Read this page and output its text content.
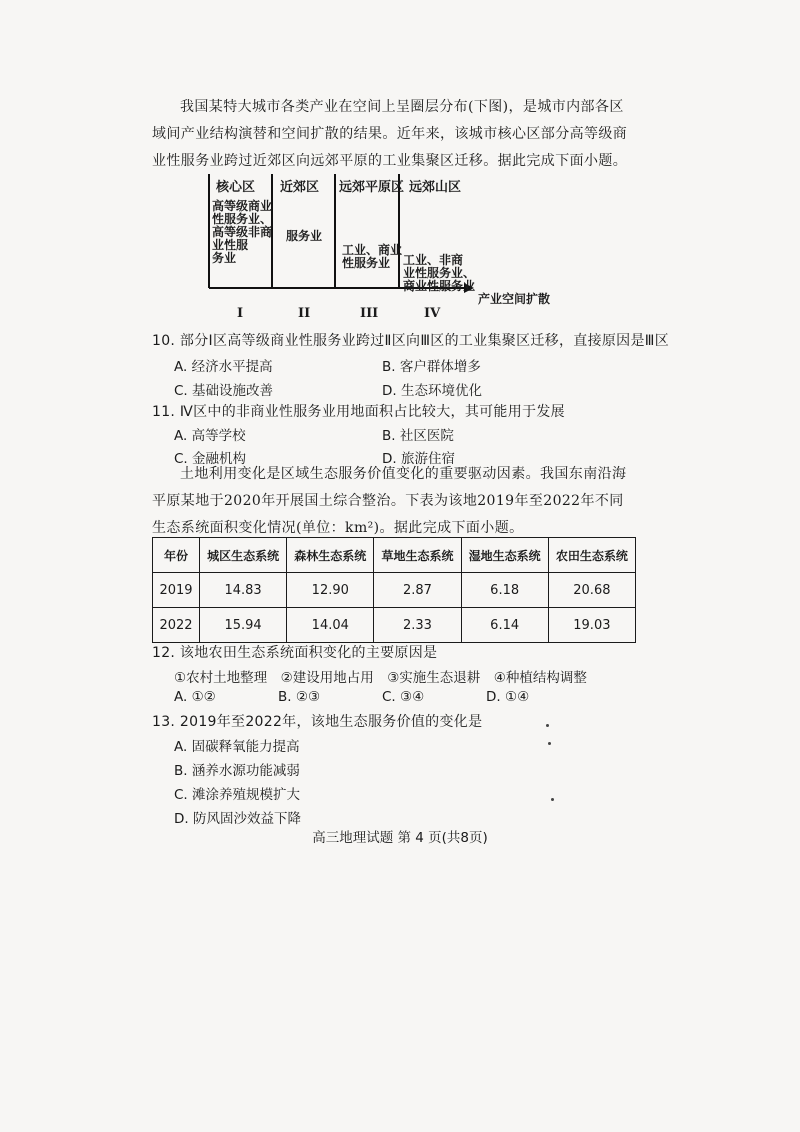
我国某特大城市各类产业在空间上呈圈层分布(下图)，是城市内部各区域间产业结构演替和空间扩散的结果。近年来，该城市核心区部分高等级商业性服务业跨过近郊区向远郊平原的工业集聚区迁移。据此完成下面小题。

核心区
高等级商业
性服务业、
高等级非商
业性服
务业
近郊区
服务业
远郊平原区
工业、商业
性服务业
远郊山区
工业、非商
业性服务业、
商业性服务业
产业空间扩散
I	II	III	IV

10. 部分Ⅰ区高等级商业性服务业跨过Ⅱ区向Ⅲ区的工业集聚区迁移，直接原因是Ⅲ区

A. 经济水平提高	B. 客户群体增多

C. 基础设施改善	D. 生态环境优化

11. Ⅳ区中的非商业性服务业用地面积占比较大，其可能用于发展

A. 高等学校	B. 社区医院

C. 金融机构	D. 旅游住宿

土地利用变化是区域生态服务价值变化的重要驱动因素。我国东南沿海平原某地于2020年开展国土综合整治。下表为该地2019年至2022年不同生态系统面积变化情况(单位：km²)。据此完成下面小题。

年份	城区生态系统	森林生态系统	草地生态系统	湿地生态系统	农田生态系统
2019	14.83	12.90	2.87	6.18	20.68
2022	15.94	14.04	2.33	6.14	19.03

12. 该地农田生态系统面积变化的主要原因是

①农村土地整理　②建设用地占用　③实施生态退耕　④种植结构调整

A. ①②	B. ②③	C. ③④	D. ①④

13. 2019年至2022年，该地生态服务价值的变化是

A. 固碳释氧能力提高

B. 涵养水源功能减弱

C. 滩涂养殖规模扩大

D. 防风固沙效益下降

高三地理试题 第 4 页(共8页)
